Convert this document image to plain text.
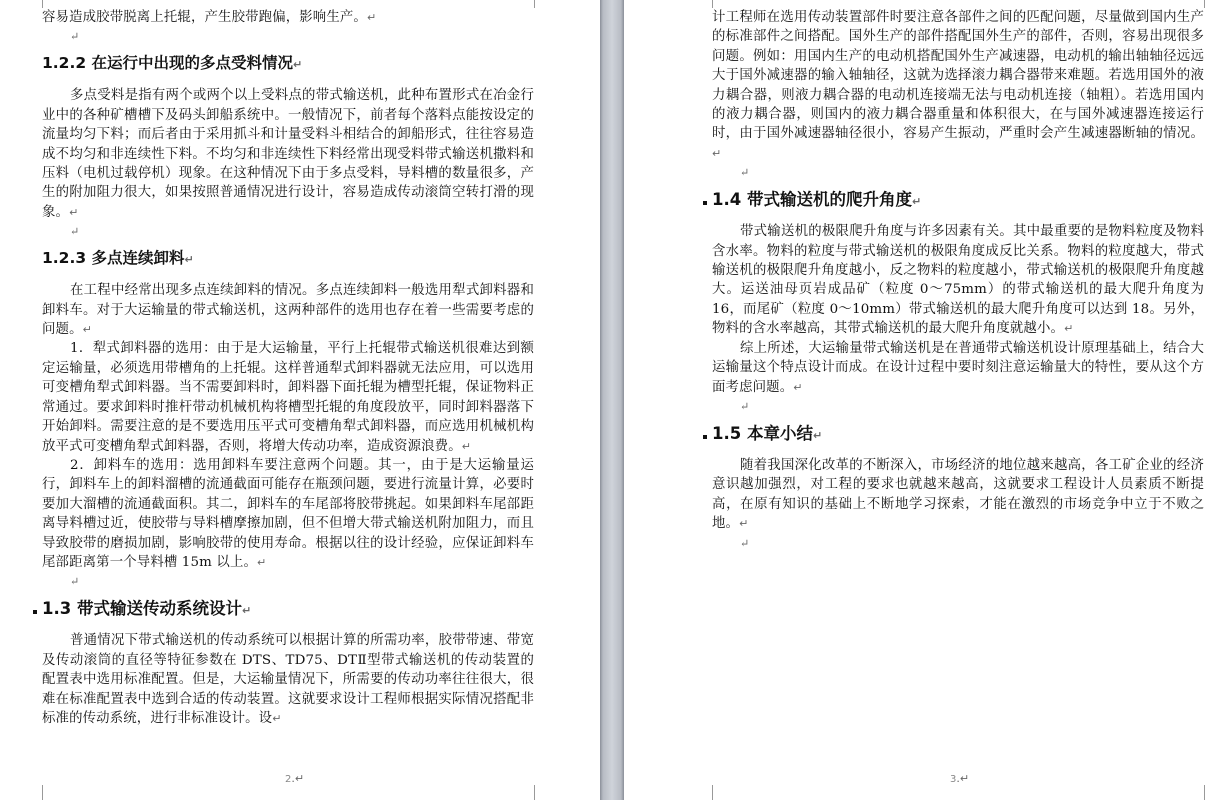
容易造成胶带脱离上托辊，产生胶带跑偏，影响生产。↵

↵
1.2.2 在运行中出现的多点受料情况↵

多点受料是指有两个或两个以上受料点的带式输送机，此种布置形式在冶金行业中的各种矿槽槽下及码头卸船系统中。一般情况下，前者每个落料点能按设定的流量均匀下料；而后者由于采用抓斗和计量受料斗相结合的卸船形式，往往容易造成不均匀和非连续性下料。不均匀和非连续性下料经常出现受料带式输送机撒料和压料（电机过载停机）现象。在这种情况下由于多点受料，导料槽的数量很多，产生的附加阻力很大，如果按照普通情况进行设计，容易造成传动滚筒空转打滑的现象。↵

↵
1.2.3 多点连续卸料↵

在工程中经常出现多点连续卸料的情况。多点连续卸料一般选用犁式卸料器和卸料车。对于大运输量的带式输送机，这两种部件的选用也存在着一些需要考虑的问题。↵

1．犁式卸料器的选用：由于是大运输量，平行上托辊带式输送机很难达到额定运输量，必须选用带槽角的上托辊。这样普通犁式卸料器就无法应用，可以选用可变槽角犁式卸料器。当不需要卸料时，卸料器下面托辊为槽型托辊，保证物料正常通过。要求卸料时推杆带动机械机构将槽型托辊的角度段放平，同时卸料器落下开始卸料。需要注意的是不要选用压平式可变槽角犁式卸料器，而应选用机械机构放平式可变槽角犁式卸料器，否则，将增大传动功率，造成资源浪费。↵

2．卸料车的选用：选用卸料车要注意两个问题。其一，由于是大运输量运行，卸料车上的卸料溜槽的流通截面可能存在瓶颈问题，要进行流量计算，必要时要加大溜槽的流通截面积。其二，卸料车的车尾部将胶带挑起。如果卸料车尾部距离导料槽过近，使胶带与导料槽摩擦加剧，但不但增大带式输送机附加阻力，而且导致胶带的磨损加剧，影响胶带的使用寿命。根据以往的设计经验，应保证卸料车尾部距离第一个导料槽 15m 以上。↵

↵
1.3 带式输送传动系统设计↵

普通情况下带式输送机的传动系统可以根据计算的所需功率，胶带带速、带宽及传动滚筒的直径等特征参数在 DTS、TD75、DTⅡ型带式输送机的传动装置的配置表中选用标准配置。但是，大运输量情况下，所需要的传动功率往往很大，很难在标准配置表中选到合适的传动装置。这就要求设计工程师根据实际情况搭配非标准的传动系统，进行非标准设计。设↵

2.↵

计工程师在选用传动装置部件时要注意各部件之间的匹配问题，尽量做到国内生产的标准部件之间搭配。国外生产的部件搭配国外生产的部件，否则，容易出现很多问题。例如：用国内生产的电动机搭配国外生产减速器，电动机的输出轴轴径远远大于国外减速器的输入轴轴径，这就为选择滚力耦合器带来难题。若选用国外的液力耦合器，则液力耦合器的电动机连接端无法与电动机连接（轴粗）。若选用国内的液力耦合器，则国内的液力耦合器重量和体积很大，在与国外减速器连接运行时，由于国外减速器轴径很小，容易产生振动，严重时会产生减速器断轴的情况。↵

↵
1.4 带式输送机的爬升角度↵

带式输送机的极限爬升角度与许多因素有关。其中最重要的是物料粒度及物料含水率。物料的粒度与带式输送机的极限角度成反比关系。物料的粒度越大，带式输送机的极限爬升角度越小，反之物料的粒度越小，带式输送机的极限爬升角度越大。运送油母页岩成品矿（粒度 0～75mm）的带式输送机的最大爬升角度为 16，而尾矿（粒度 0～10mm）带式输送机的最大爬升角度可以达到 18。另外，物料的含水率越高，其带式输送机的最大爬升角度就越小。↵

综上所述，大运输量带式输送机是在普通带式输送机设计原理基础上，结合大运输量这个特点设计而成。在设计过程中要时刻注意运输量大的特性，要从这个方面考虑问题。↵

↵
1.5 本章小结↵

随着我国深化改革的不断深入，市场经济的地位越来越高，各工矿企业的经济意识越加强烈，对工程的要求也就越来越高，这就要求工程设计人员素质不断提高，在原有知识的基础上不断地学习探索，才能在激烈的市场竞争中立于不败之地。↵

↵
3.↵
